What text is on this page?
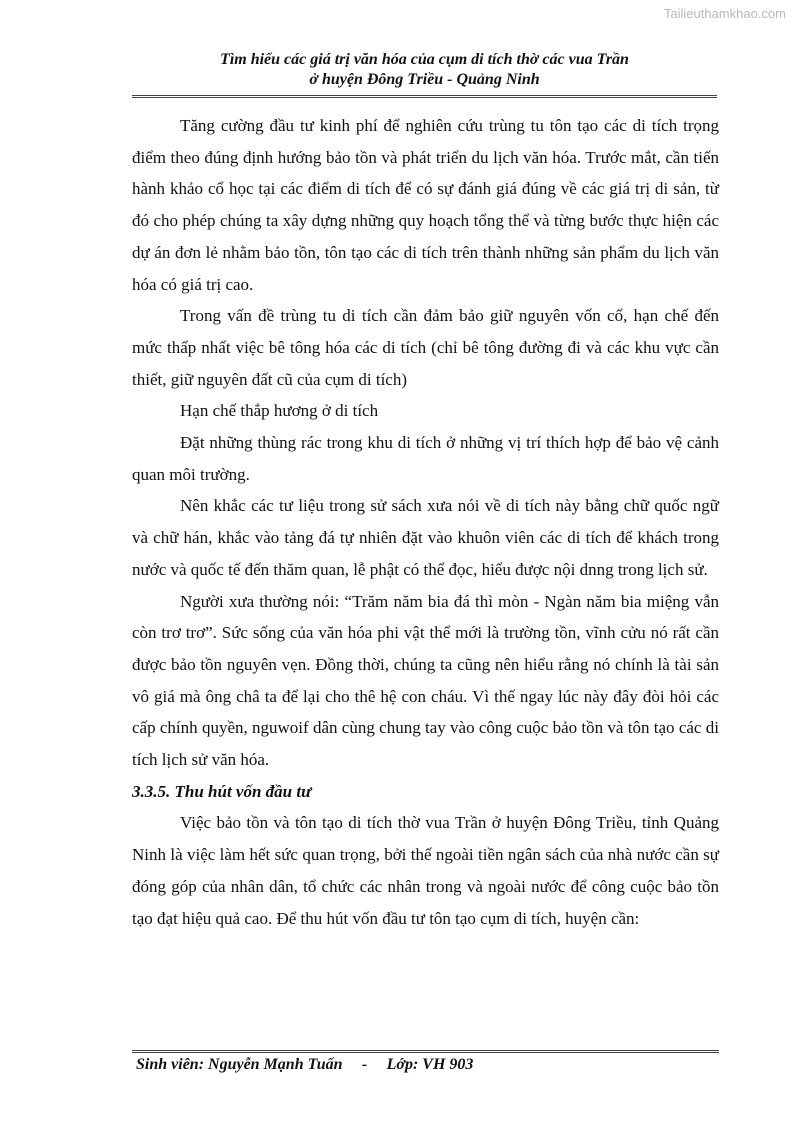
Tailieuthamkhao.com
Tìm hiểu các giá trị văn hóa của cụm di tích thờ các vua Trần
ở huyện Đông Triều - Quảng Ninh

Tăng cường đầu tư kinh phí để nghiên cứu trùng tu tôn tạo các di tích trọng điểm theo đúng định hướng bảo tồn và phát triển du lịch văn hóa. Trước mắt, cần tiến hành khảo cổ học tại các điểm di tích để có sự đánh giá đúng về các giá trị di sản, từ đó cho phép chúng ta xây dựng những quy hoạch tổng thể và từng bước thực hiện các dự án đơn lẻ nhằm bảo tồn, tôn tạo các di tích trên thành những sản phẩm du lịch văn hóa có giá trị cao.

Trong vấn đề trùng tu di tích cần đảm bảo giữ nguyên vốn cổ, hạn chế đến mức thấp nhất việc bê tông hóa các di tích (chỉ bê tông đường đi và các khu vực cần thiết, giữ nguyên đất cũ của cụm di tích)

Hạn chế thắp hương ở di tích

Đặt những thùng rác trong khu di tích ở những vị trí thích hợp để bảo vệ cảnh quan môi trường.

Nên khắc các tư liệu trong sử sách xưa nói về di tích này bằng chữ quốc ngữ và chữ hán, khắc vào tảng đá tự nhiên đặt vào khuôn viên các di tích để khách trong nước và quốc tế đến thăm quan, lễ phật có thể đọc, hiểu được nội dnng trong lịch sử.

Người xưa thường nói: “Trăm năm bia đá thì mòn - Ngàn năm bia miệng vẫn còn trơ trơ”. Sức sống của văn hóa phi vật thể mới là trường tồn, vĩnh cửu nó rất cần được bảo tồn nguyên vẹn. Đồng thời, chúng ta cũng nên hiểu rằng nó chính là tài sản vô giá mà ông châ ta để lại cho thê hệ con cháu. Vì thế ngay lúc này đây đòi hỏi các cấp chính quyền, nguwoif dân cùng chung tay vào công cuộc bảo tồn và tôn tạo các di tích lịch sử văn hóa.

3.3.5. Thu hút vốn đầu tư

Việc bảo tồn và tôn tạo di tích thờ vua Trần ở huyện Đông Triều, tỉnh Quảng Ninh là việc làm hết sức quan trọng, bởi thế ngoài tiền ngân sách của nhà nước cần sự đóng góp của nhân dân, tổ chức các nhân trong và ngoài nước để công cuộc bảo tồn tạo đạt hiệu quả cao. Để thu hút vốn đầu tư tôn tạo cụm di tích, huyện cần:

Sinh viên: Nguyễn Mạnh Tuấn - Lớp: VH 903
